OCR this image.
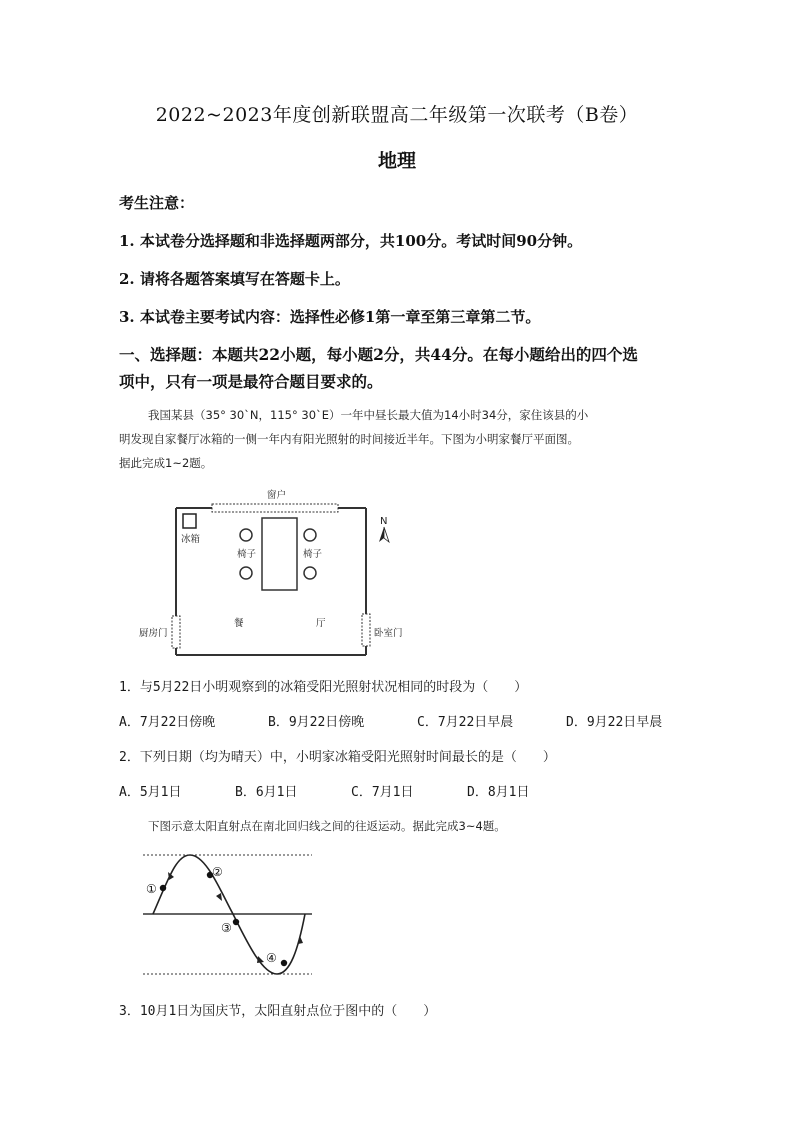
2022~2023年度创新联盟高二年级第一次联考（B卷）
地理
考生注意：
1. 本试卷分选择题和非选择题两部分，共100分。考试时间90分钟。
2. 请将各题答案填写在答题卡上。
3. 本试卷主要考试内容：选择性必修1第一章至第三章第二节。
一、选择题：本题共22小题，每小题2分，共44分。在每小题给出的四个选
项中，只有一项是最符合题目要求的。
我国某县（35° 30`N，115° 30`E）一年中昼长最大值为14小时34分，家住该县的小
明发现自家餐厅冰箱的一侧一年内有阳光照射的时间接近半年。下图为小明家餐厅平面图。
据此完成1~2题。
窗户
冰箱
椅子	椅子
餐	厅
厨房门	卧室门
N
1．与5月22日小明观察到的冰箱受阳光照射状况相同的时段为（　　）
A．7月22日傍晚	B．9月22日傍晚	C．7月22日早晨	D．9月22日早晨
2．下列日期（均为晴天）中，小明家冰箱受阳光照射时间最长的是（　　）
A．5月1日	B．6月1日	C．7月1日	D．8月1日
下图示意太阳直射点在南北回归线之间的往返运动。据此完成3~4题。
①
②
③
④
3．10月1日为国庆节，太阳直射点位于图中的（　　）
